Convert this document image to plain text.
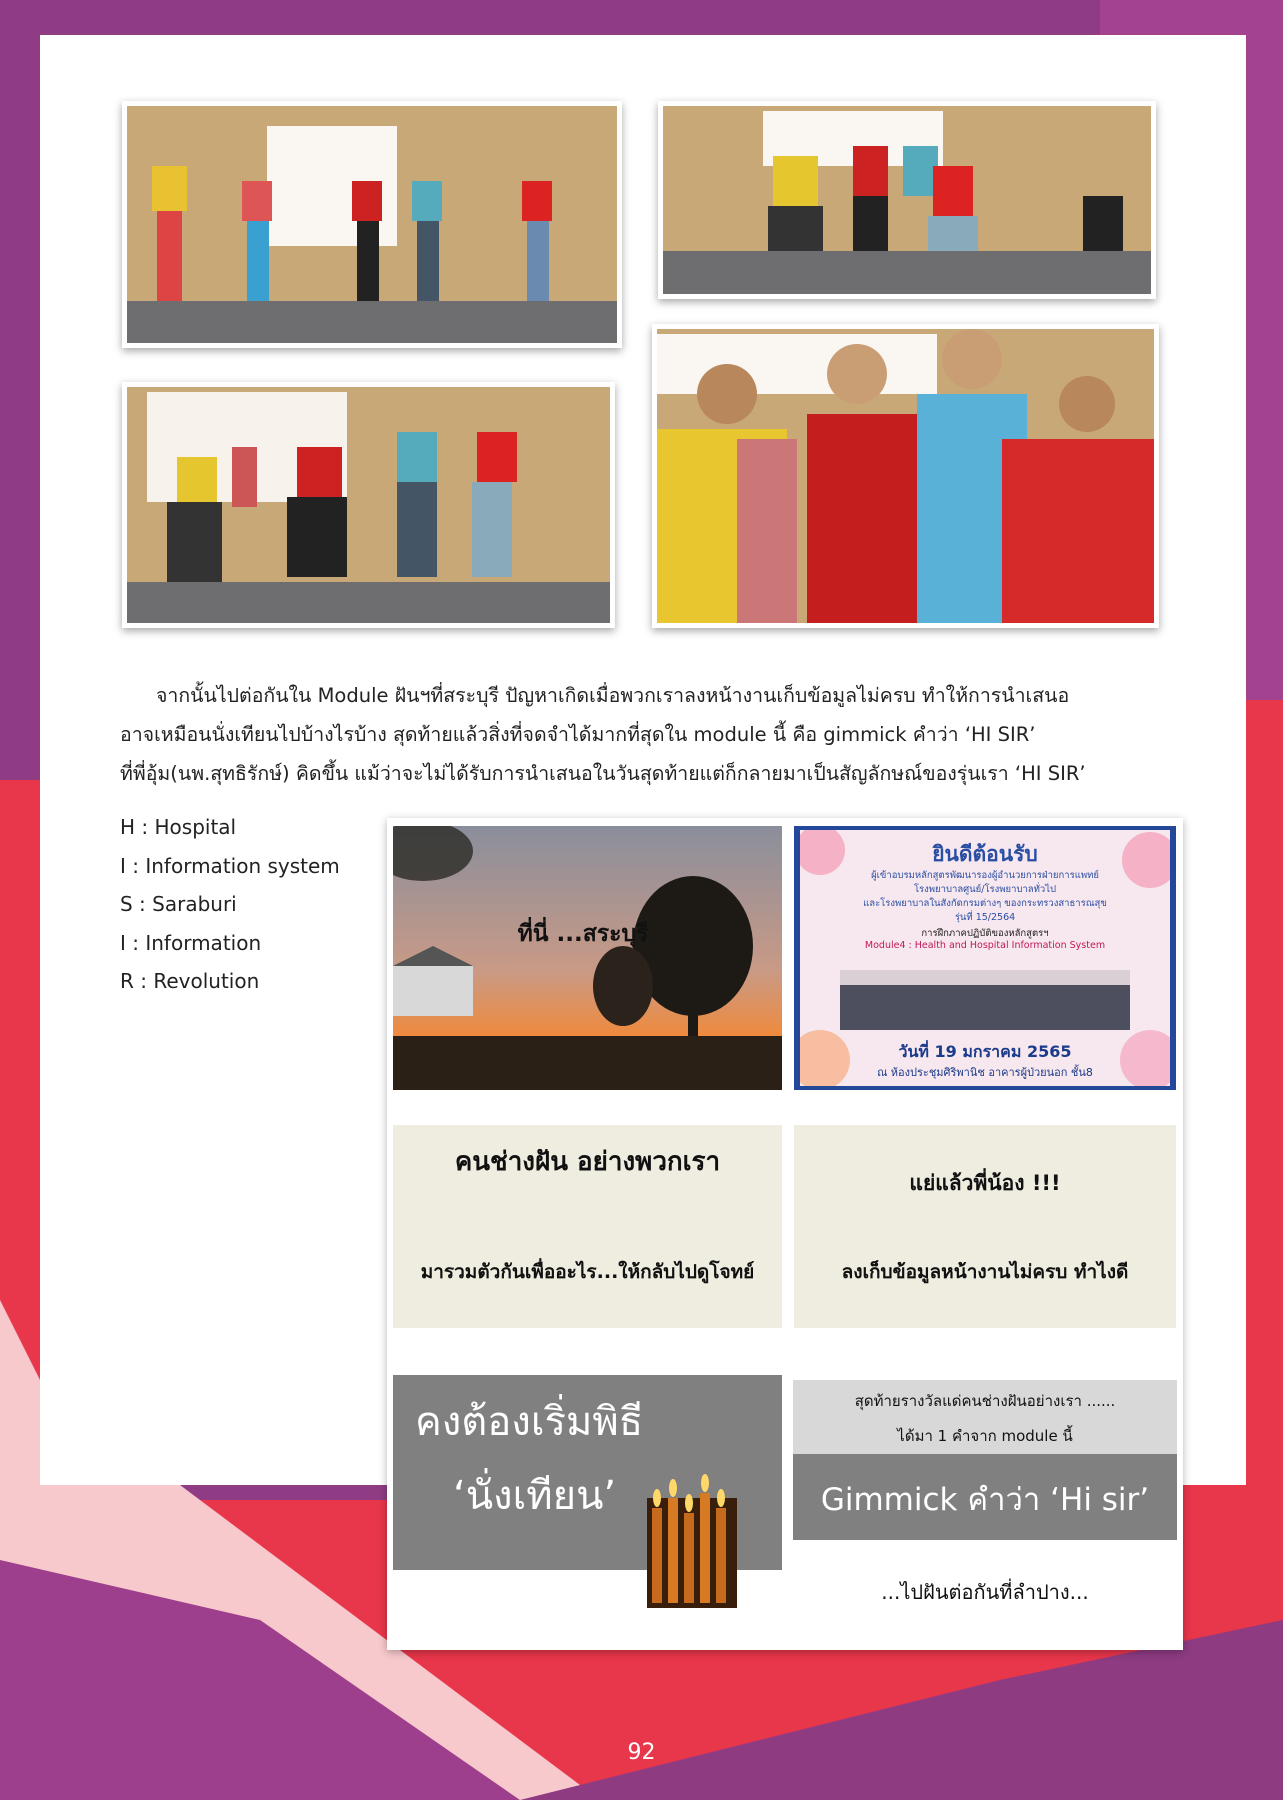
จากนั้นไปต่อกันใน Module ฝันฯที่สระบุรี ปัญหาเกิดเมื่อพวกเราลงหน้างานเก็บข้อมูลไม่ครบ ทำให้การนำเสนอ
อาจเหมือนนั่งเทียนไปบ้างไรบ้าง สุดท้ายแล้วสิ่งที่จดจำได้มากที่สุดใน module นี้ คือ gimmick คำว่า ‘HI SIR’
ที่พี่อุ้ม(นพ.สุทธิรักษ์) คิดขึ้น แม้ว่าจะไม่ได้รับการนำเสนอในวันสุดท้ายแต่ก็กลายมาเป็นสัญลักษณ์ของรุ่นเรา ‘HI SIR’

H : Hospital
I : Information system
S : Saraburi
I : Information
R : Revolution
ที่นี่ ...สระบุรี
ยินดีต้อนรับ
ผู้เข้าอบรมหลักสูตรพัฒนารองผู้อำนวยการฝ่ายการแพทย์
โรงพยาบาลศูนย์/โรงพยาบาลทั่วไป
และโรงพยาบาลในสังกัดกรมต่างๆ ของกระทรวงสาธารณสุข
รุ่นที่ 15/2564
การฝึกภาคปฏิบัติของหลักสูตรฯ
Module4 : Health and Hospital Information System
วันที่ 19 มกราคม 2565
ณ ห้องประชุมศิริพานิช อาคารผู้ป่วยนอก ชั้น8
คนช่างฝัน อย่างพวกเรา
มารวมตัวกันเพื่ออะไร...ให้กลับไปดูโจทย์
แย่แล้วพี่น้อง !!!
ลงเก็บข้อมูลหน้างานไม่ครบ ทำไงดี
คงต้องเริ่มพิธี
‘นั่งเทียน’
สุดท้ายรางวัลแด่คนช่างฝันอย่างเรา ......
ได้มา 1 คำจาก module นี้
Gimmick คำว่า ‘Hi sir’
...ไปฝันต่อกันที่ลำปาง...
92
